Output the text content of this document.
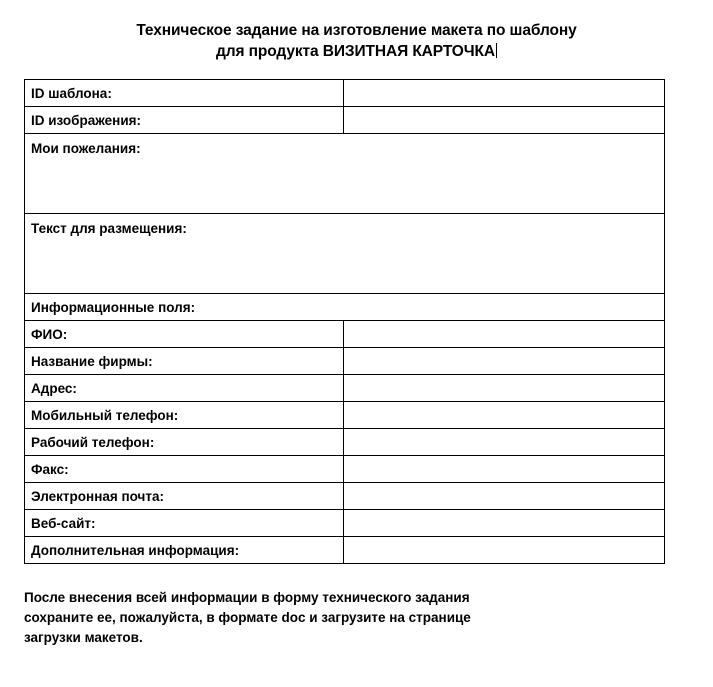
Техническое задание на изготовление макета по шаблону
для продукта ВИЗИТНАЯ КАРТОЧКА
ID шаблона:	

ID изображения:	

Мои пожелания:	

Текст для размещения:	

Информационные поля:	

ФИО:	

Название фирмы:	

Адрес:	

Мобильный телефон:	

Рабочий телефон:	

Факс:	

Электронная почта:	

Веб-сайт:	

Дополнительная информация:	

После внесения всей информации в форму технического задания
сохраните ее, пожалуйста, в формате doc и загрузите на странице
загрузки макетов.
